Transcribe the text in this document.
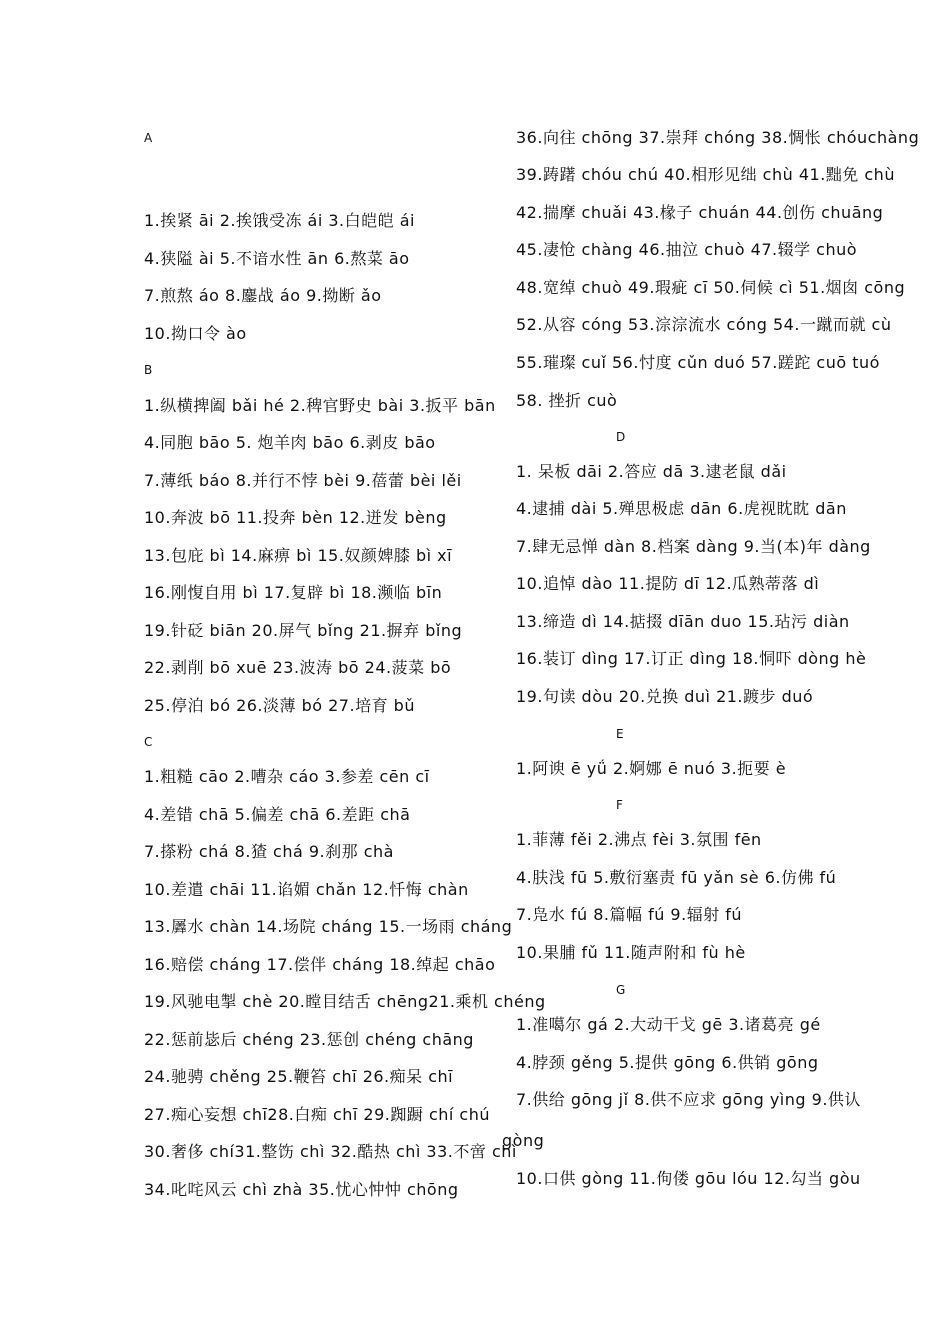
A
1.挨紧 āi 2.挨饿受冻 ái 3.白皑皑 ái
4.狭隘 ài 5.不谙水性 ān 6.熬菜 āo
7.煎熬 áo 8.鏖战 áo 9.拗断 ǎo
10.拗口令 ào
B
1.纵横捭阖 bǎi hé 2.稗官野史 bài 3.扳平 bān
4.同胞 bāo 5. 炮羊肉 bāo 6.剥皮 bāo
7.薄纸 báo 8.并行不悖 bèi 9.蓓蕾 bèi lěi
10.奔波 bō 11.投奔 bèn 12.迸发 bèng
13.包庇 bì 14.麻痹 bì 15.奴颜婢膝 bì xī
16.刚愎自用 bì 17.复辟 bì 18.濒临 bīn
19.针砭 biān 20.屏气 bǐng 21.摒弃 bǐng
22.剥削 bō xuē 23.波涛 bō 24.菠菜 bō
25.停泊 bó 26.淡薄 bó 27.培育 bǔ
C
1.粗糙 cāo 2.嘈杂 cáo 3.参差 cēn cī
4.差错 chā 5.偏差 chā 6.差距 chā
7.搽粉 chá 8.猹 chá 9.刹那 chà
10.差遣 chāi 11.谄媚 chǎn 12.忏悔 chàn
13.羼水 chàn 14.场院 cháng 15.一场雨 cháng
16.赔偿 cháng 17.偿伴 cháng 18.绰起 chāo
19.风驰电掣 chè 20.瞠目结舌 chēng21.乘机 chéng
22.惩前毖后 chéng 23.惩创 chéng chāng
24.驰骋 chěng 25.鞭笞 chī 26.痴呆 chī
27.痴心妄想 chī28.白痴 chī 29.踟蹰 chí chú
30.奢侈 chí31.整饬 chì 32.酷热 chì 33.不啻 chì
34.叱咤风云 chì zhà 35.忧心忡忡 chōng
36.向往 chōng 37.崇拜 chóng 38.惆怅 chóuchàng
39.踌躇 chóu chú 40.相形见绌 chù 41.黜免 chù
42.揣摩 chuǎi 43.椽子 chuán 44.创伤 chuāng
45.凄怆 chàng 46.抽泣 chuò 47.辍学 chuò
48.宽绰 chuò 49.瑕疵 cī 50.伺候 cì 51.烟囱 cōng
52.从容 cóng 53.淙淙流水 cóng 54.一蹴而就 cù
55.璀璨 cuǐ 56.忖度 cǔn duó 57.蹉跎 cuō tuó
58. 挫折 cuò
D
1. 呆板 dāi 2.答应 dā 3.逮老鼠 dǎi
4.逮捕 dài 5.殚思极虑 dān 6.虎视眈眈 dān
7.肆无忌惮 dàn 8.档案 dàng 9.当(本)年 dàng
10.追悼 dào 11.提防 dī 12.瓜熟蒂落 dì
13.缔造 dì 14.掂掇 dīān duo 15.玷污 diàn
16.装订 dìng 17.订正 dìng 18.恫吓 dòng hè
19.句读 dòu 20.兑换 duì 21.踱步 duó
E
1.阿谀 ē yǘ 2.婀娜 ē nuó 3.扼要 è
F
1.菲薄 fěi 2.沸点 fèi 3.氛围 fēn
4.肤浅 fū 5.敷衍塞责 fū yǎn sè 6.仿佛 fú
7.凫水 fú 8.篇幅 fú 9.辐射 fú
10.果脯 fǔ 11.随声附和 fù hè
G
1.准噶尔 gá 2.大动干戈 gē 3.诸葛亮 gé
4.脖颈 gěng 5.提供 gōng 6.供销 gōng
7.供给 gōng jǐ 8.供不应求 gōng yìng 9.供认
gòng
10.口供 gòng 11.佝偻 gōu lóu 12.勾当 gòu
